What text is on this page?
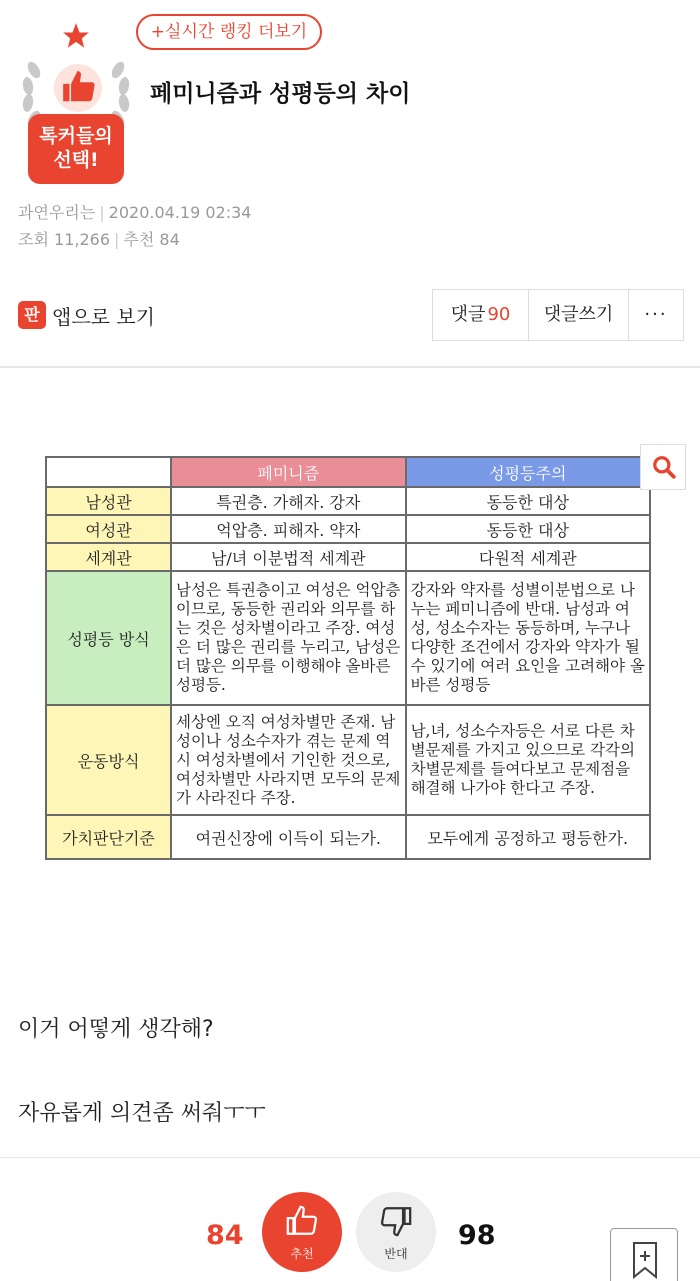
톡커들의
선택!
+실시간 랭킹 더보기
페미니즘과 성평등의 차이
과연우리는 | 2020.04.19 02:34
조회 11,266 | 추천 84
판 앱으로 보기	댓글 90	댓글쓰기	···
	페미니즘	성평등주의
남성관	특권층. 가해자. 강자	동등한 대상
여성관	억압층. 피해자. 약자	동등한 대상
세계관	남/녀 이분법적 세계관	다원적 세계관
성평등 방식	남성은 특권층이고 여성은 억압층이므로, 동등한 권리와 의무를 하는 것은 성차별이라고 주장. 여성은 더 많은 권리를 누리고, 남성은 더 많은 의무를 이행해야 올바른 성평등.	강자와 약자를 성별이분법으로 나누는 페미니즘에 반대. 남성과 여성, 성소수자는 동등하며, 누구나 다양한 조건에서 강자와 약자가 될 수 있기에 여러 요인을 고려해야 올바른 성평등
운동방식	세상엔 오직 여성차별만 존재. 남성이나 성소수자가 겪는 문제 역시 여성차별에서 기인한 것으로, 여성차별만 사라지면 모두의 문제가 사라진다 주장.	남,녀, 성소수자등은 서로 다른 차별문제를 가지고 있으므로 각각의 차별문제를 들여다보고 문제점을 해결해 나가야 한다고 주장.
가치판단기준	여권신장에 이득이 되는가.	모두에게 공정하고 평등한가.
이거 어떻게 생각해?
자유롭게 의견좀 써줘ㅜㅜ
84
추천	반대
98
